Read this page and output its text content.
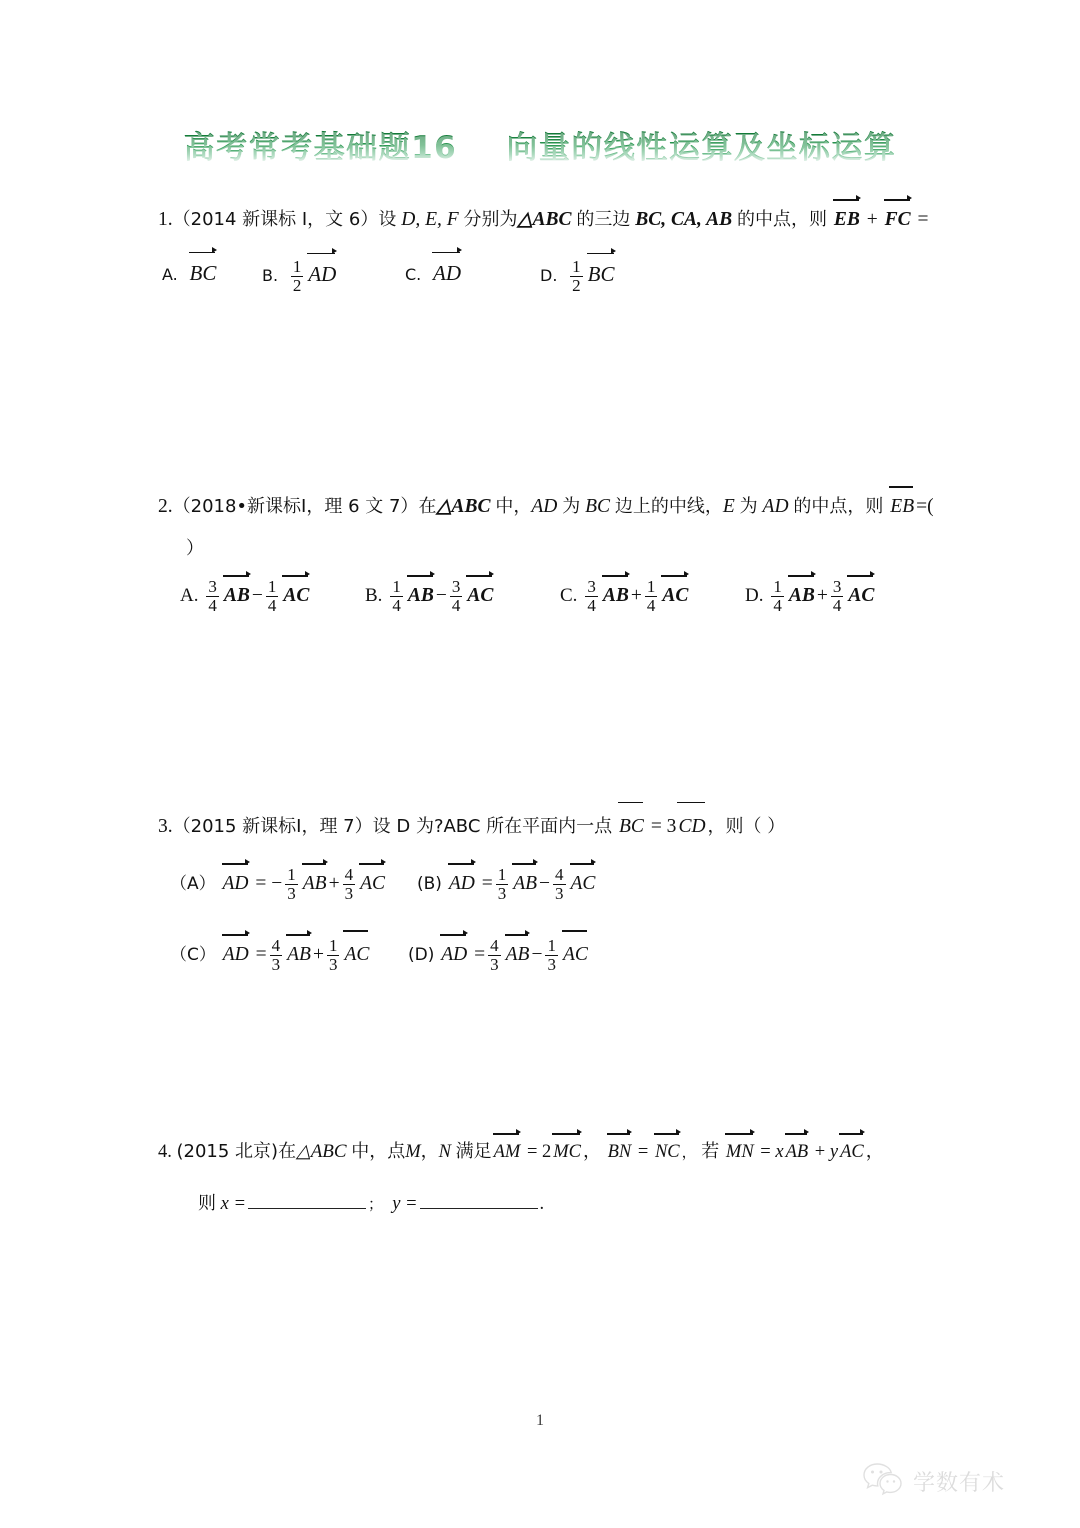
高考常考基础题16    向量的线性运算及坐标运算
1.（2014 新课标 I，文 6）设 D, E, F 分别为△ABC 的三边 BC, CA, AB 的中点，则 EB + FC =
A. BC	B. $\frac{1}{2}$ AD	C. AD	D. $\frac{1}{2}$ BC
2.（2018•新课标Ⅰ，理 6 文 7）在△ABC 中，AD 为 BC 边上的中线，E 为 AD 的中点，则 EB =(
）
A. $\frac{3}{4}$ AB − $\frac{1}{4}$ AC	B. $\frac{1}{4}$ AB − $\frac{3}{4}$ AC	C. $\frac{3}{4}$ AB + $\frac{1}{4}$ AC	D. $\frac{1}{4}$ AB + $\frac{3}{4}$ AC
3.（2015 新课标Ⅰ，理 7）设 D 为?ABC 所在平面内一点 BC = 3 CD ，则（ ）
（A） AD = − $\frac{1}{3}$ AB + $\frac{4}{3}$ AC (B) AD = $\frac{1}{3}$ AB − $\frac{4}{3}$ AC
（C） AD = $\frac{4}{3}$ AB + $\frac{1}{3}$ AC (D) AD = $\frac{4}{3}$ AB − $\frac{1}{3}$ AC
4. (2015 北京)在△ABC 中，点M，N 满足 AM = 2 MC ， BN = NC ， 若 MN = x AB + y AC ，
则 x =	； y =	.
1
学数有术
